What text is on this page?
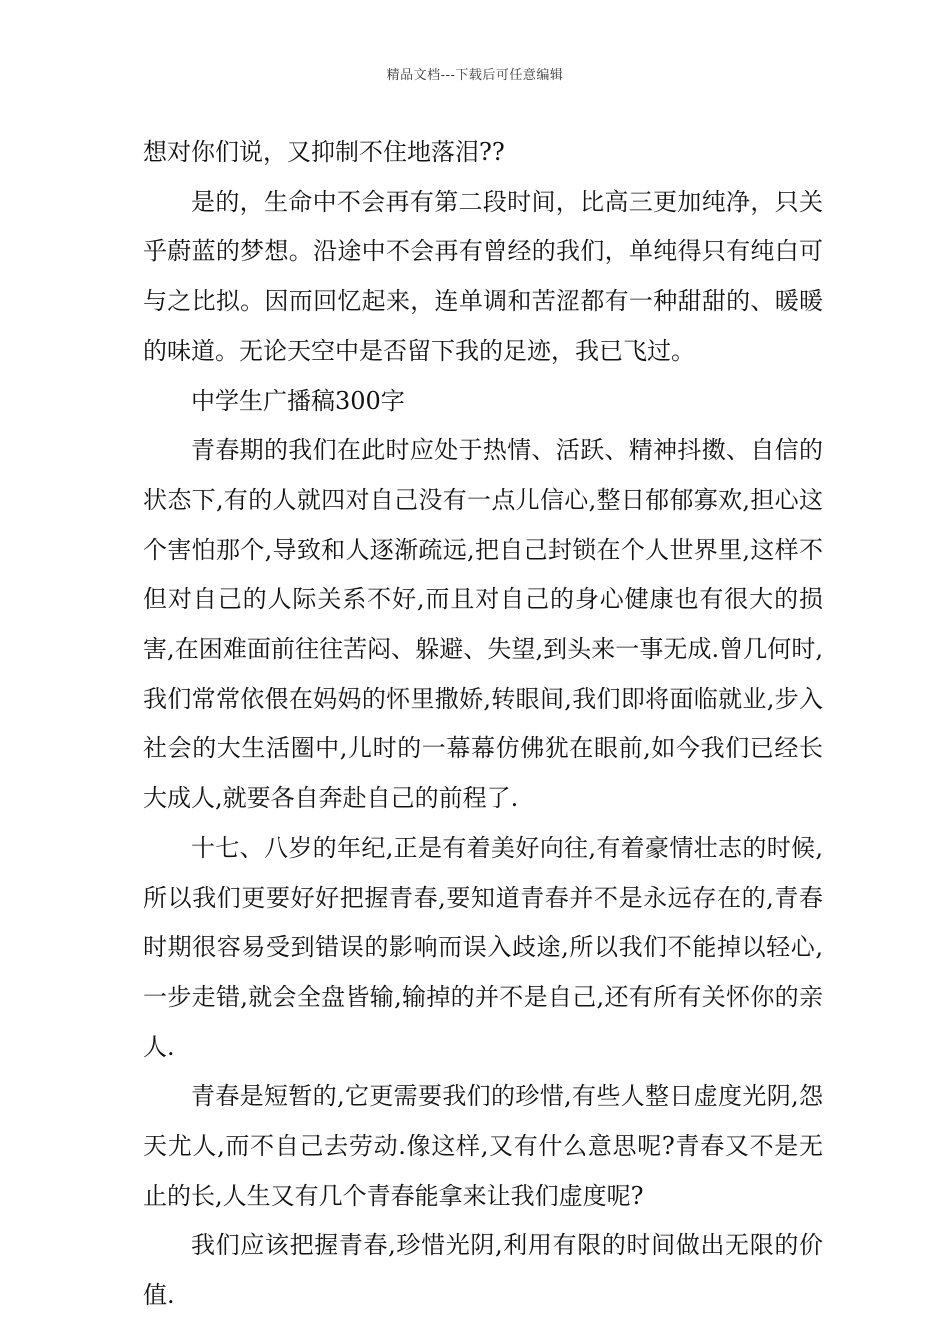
精品文档---下载后可任意编辑

想对你们说，又抑制不住地落泪??

是的，生命中不会再有第二段时间，比高三更加纯净，只关乎蔚蓝的梦想。沿途中不会再有曾经的我们，单纯得只有纯白可与之比拟。因而回忆起来，连单调和苦涩都有一种甜甜的、暖暖的味道。无论天空中是否留下我的足迹，我已飞过。

中学生广播稿300字

青春期的我们在此时应处于热情、活跃、精神抖擞、自信的状态下,有的人就四对自己没有一点儿信心,整日郁郁寡欢,担心这个害怕那个,导致和人逐渐疏远,把自己封锁在个人世界里,这样不但对自己的人际关系不好,而且对自己的身心健康也有很大的损害,在困难面前往往苦闷、躲避、失望,到头来一事无成.曾几何时,我们常常依偎在妈妈的怀里撒娇,转眼间,我们即将面临就业,步入社会的大生活圈中,儿时的一幕幕仿佛犹在眼前,如今我们已经长大成人,就要各自奔赴自己的前程了.

十七、八岁的年纪,正是有着美好向往,有着豪情壮志的时候,所以我们更要好好把握青春,要知道青春并不是永远存在的,青春时期很容易受到错误的影响而误入歧途,所以我们不能掉以轻心,一步走错,就会全盘皆输,输掉的并不是自己,还有所有关怀你的亲人.

青春是短暂的,它更需要我们的珍惜,有些人整日虚度光阴,怨天尤人,而不自己去劳动.像这样,又有什么意思呢?青春又不是无止的长,人生又有几个青春能拿来让我们虚度呢?

我们应该把握青春,珍惜光阴,利用有限的时间做出无限的价值.
